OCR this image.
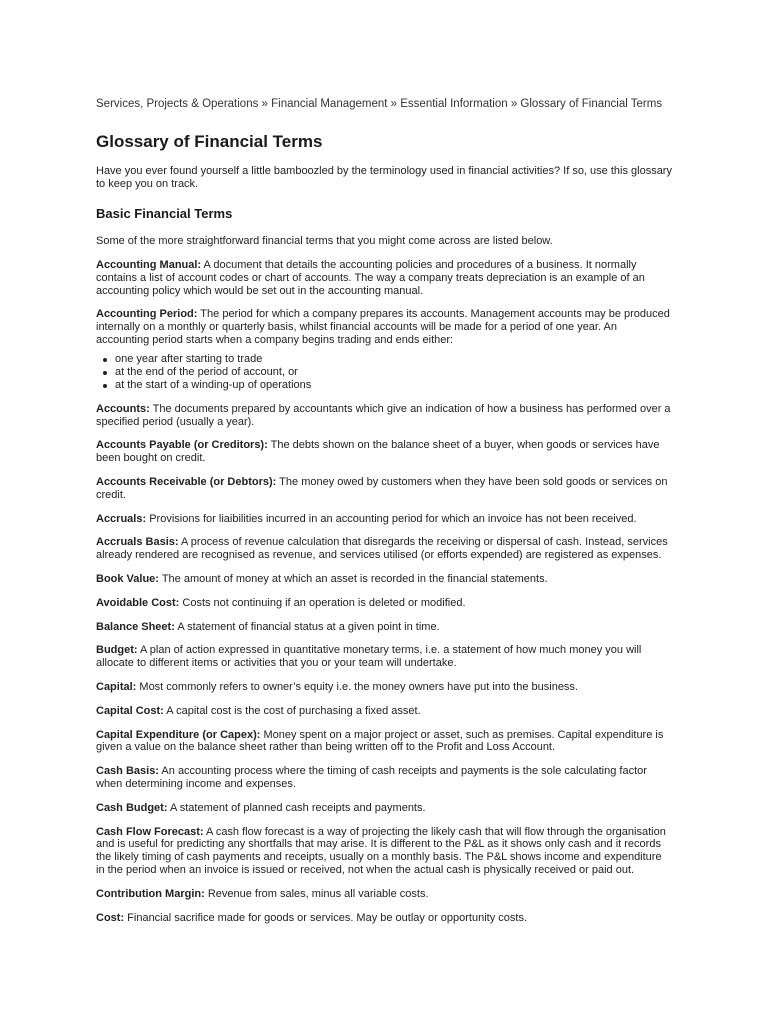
Services, Projects & Operations » Financial Management » Essential Information » Glossary of Financial Terms

Glossary of Financial Terms

Have you ever found yourself a little bamboozled by the terminology used in financial activities? If so, use this glossary to keep you on track.

Basic Financial Terms

Some of the more straightforward financial terms that you might come across are listed below.

Accounting Manual: A document that details the accounting policies and procedures of a business. It normally contains a list of account codes or chart of accounts. The way a company treats depreciation is an example of an accounting policy which would be set out in the accounting manual.

Accounting Period: The period for which a company prepares its accounts. Management accounts may be produced internally on a monthly or quarterly basis, whilst financial accounts will be made for a period of one year. An accounting period starts when a company begins trading and ends either:

one year after starting to trade
at the end of the period of account, or
at the start of a winding-up of operations

Accounts: The documents prepared by accountants which give an indication of how a business has performed over a specified period (usually a year).

Accounts Payable (or Creditors): The debts shown on the balance sheet of a buyer, when goods or services have been bought on credit.

Accounts Receivable (or Debtors): The money owed by customers when they have been sold goods or services on credit.

Accruals: Provisions for liaibilities incurred in an accounting period for which an invoice has not been received.

Accruals Basis: A process of revenue calculation that disregards the receiving or dispersal of cash. Instead, services already rendered are recognised as revenue, and services utilised (or efforts expended) are registered as expenses.

Book Value: The amount of money at which an asset is recorded in the financial statements.

Avoidable Cost: Costs not continuing if an operation is deleted or modified.

Balance Sheet: A statement of financial status at a given point in time.

Budget: A plan of action expressed in quantitative monetary terms, i.e. a statement of how much money you will allocate to different items or activities that you or your team will undertake.

Capital: Most commonly refers to owner’s equity i.e. the money owners have put into the business.

Capital Cost: A capital cost is the cost of purchasing a fixed asset.

Capital Expenditure (or Capex): Money spent on a major project or asset, such as premises. Capital expenditure is given a value on the balance sheet rather than being written off to the Profit and Loss Account.

Cash Basis: An accounting process where the timing of cash receipts and payments is the sole calculating factor when determining income and expenses.

Cash Budget: A statement of planned cash receipts and payments.

Cash Flow Forecast: A cash flow forecast is a way of projecting the likely cash that will flow through the organisation and is useful for predicting any shortfalls that may arise. It is different to the P&L as it shows only cash and it records the likely timing of cash payments and receipts, usually on a monthly basis. The P&L shows income and expenditure in the period when an invoice is issued or received, not when the actual cash is physically received or paid out.

Contribution Margin: Revenue from sales, minus all variable costs.

Cost: Financial sacrifice made for goods or services. May be outlay or opportunity costs.
